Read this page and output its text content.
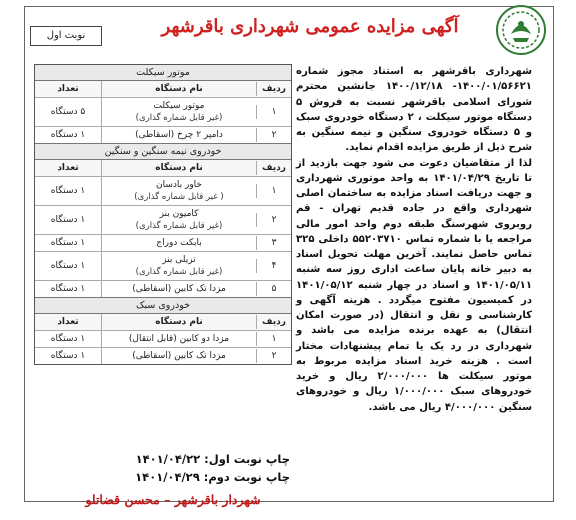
نوبت اول	آگهی مزایده عمومی شهرداری باقرشهر

شهرداری باقرشهر به استناد مجوز شماره ۱۴۰۰/۰۱/۵۶۶۲۱- ۱۴۰۰/۱۲/۱۸ جانشین محترم شورای اسلامی باقرشهر نسبت به فروش ۵ دستگاه موتور سیکلت ، ۲ دستگاه خودروی سبک و ۵ دستگاه خودروی سنگین و نیمه سنگین به شرح ذیل از طریق مزایده اقدام نماید.

لذا از متقاضیان دعوت می شود جهت بازدید از تا تاریخ ۱۴۰۱/۰۴/۲۹ به واحد موتوری شهرداری و جهت دریافت اسناد مزایده به ساختمان اصلی شهرداری واقع در جاده قدیم تهران - قم روبروی شهرسنگ طبقه دوم واحد امور مالی مراجعه یا با شماره تماس ۵۵۲۰۳۷۱۰ داخلی ۳۲۵ تماس حاصل نمایند. آخرین مهلت تحویل اسناد به دبیر خانه پایان ساعت اداری روز سه شنبه ۱۴۰۱/۰۵/۱۱ و اسناد در چهار شنبه ۱۴۰۱/۰۵/۱۲ در کمیسیون مفتوح میگردد . هزینه آگهی و کارشناسی و نقل و انتقال (در صورت امکان انتقال) به عهده برنده مزایده می باشد و شهرداری در رد یک یا تمام پیشنهادات مختار است . هزینه خرید اسناد مزایده مربوط به موتور سیکلت ها ۲/۰۰۰/۰۰۰ ریال و خرید خودروهای سبک ۱/۰۰۰/۰۰۰ ریال و خودروهای سنگین ۴/۰۰۰/۰۰۰ ریال می باشد.

موتور سیکلت
ردیف
نام دستگاه
تعداد
۱
موتور سیکلت
(غیر قابل شماره گذاری)
۵ دستگاه
۲
دامپر ۲ چرخ (اسقاطی)
۱ دستگاه
خودروی نیمه سنگین و سنگین
ردیف
نام دستگاه
تعداد
۱
خاور بادسان
( غیر قابل شماره گذاری)
۱ دستگاه
۲
کامیون بنز
(غیر قابل شماره گذاری)
۱ دستگاه
۳
بابکت دوراج
۱ دستگاه
۴
تریلی بنز
(غیر قابل شماره گذاری)
۱ دستگاه
۵
مزدا تک کابین (اسقاطی)
۱ دستگاه
خودروی سبک
ردیف
نام دستگاه
تعداد
۱
مزدا دو کابین (قابل انتقال)
۱ دستگاه
۲
مزدا تک کابین (اسقاطی)
۱ دستگاه
چاپ نوبت اول: ۱۴۰۱/۰۴/۲۲
چاپ نوبت دوم: ۱۴۰۱/۰۴/۲۹
شهردار باقرشهر – محسن قضاتلو
